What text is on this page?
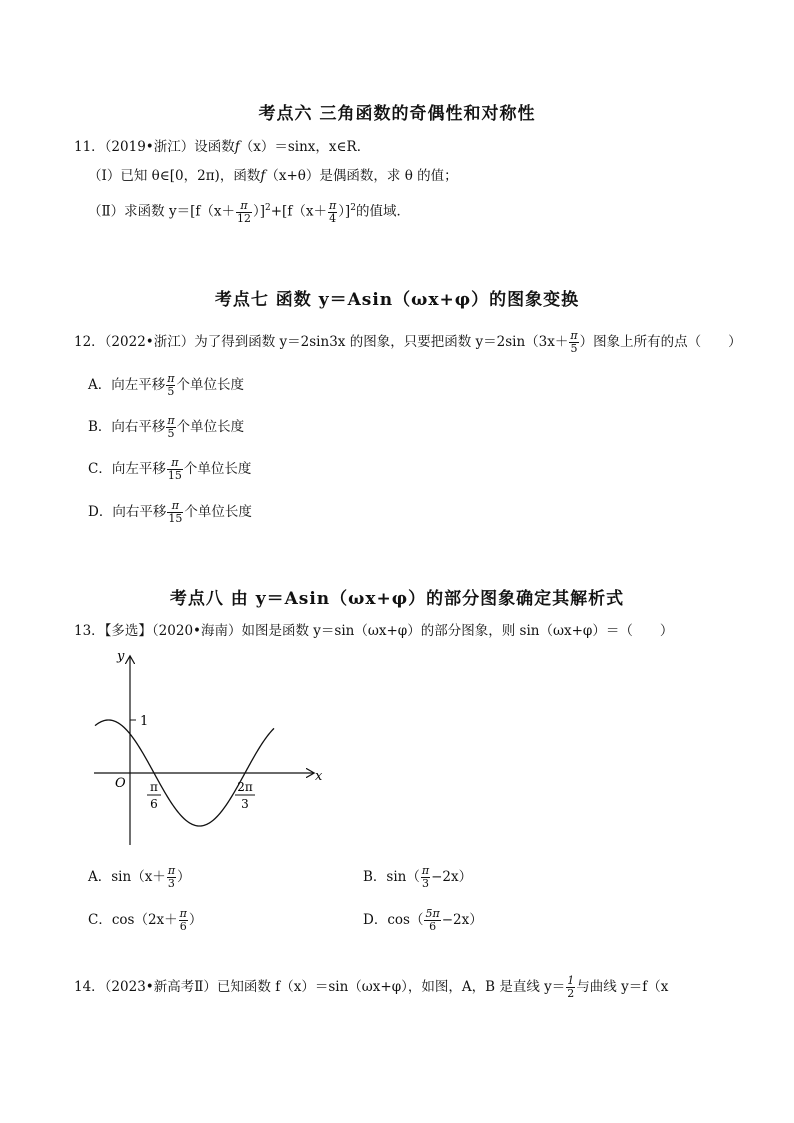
考点六 三角函数的奇偶性和对称性
11．（2019•浙江）设函数f（x）＝sinx，x∈R．
（Ⅰ）已知 θ∈[0，2π)，函数f（x+θ）是偶函数，求 θ 的值；
（Ⅱ）求函数 $y=[f(x+ \frac{\pi}{12} )]^2+[f(x+ \frac{\pi}{4} )]^2$的值域．
考点七 函数 y＝Asin（ωx+φ）的图象变换
12．（2022•浙江）为了得到函数 y＝2sin3x 的图象，只要把函数 $y=2\sin(3x+ \frac{\pi}{5}$ ）图象上所有的点（　　）
A．向左平移 $\frac{\pi}{5}$ 个单位长度
B．向右平移 $\frac{\pi}{5}$ 个单位长度
C．向左平移 $\frac{\pi}{15}$ 个单位长度
D．向右平移 $\frac{\pi}{15}$ 个单位长度
考点八 由 y＝Asin（ωx+φ）的部分图象确定其解析式
13．【多选】（2020•海南）如图是函数 y＝sin（ωx+φ）的部分图象，则 sin（ωx+φ）＝（　　）
y
x
O
1
π
6
2π
3
A．$\sin(x+ \frac{\pi}{3}$ ）	B．$\sin( \frac{\pi}{3} -2x)$
C．$\cos(2x+ \frac{\pi}{6}$ ）	D．$\cos( \frac{5\pi}{6} -2x)$
14．（2023•新高考Ⅱ）已知函数 f（x）＝sin（ωx+φ），如图，A，B 是直线 $y= \frac{1}{2}$ 与曲线 y＝f（x
